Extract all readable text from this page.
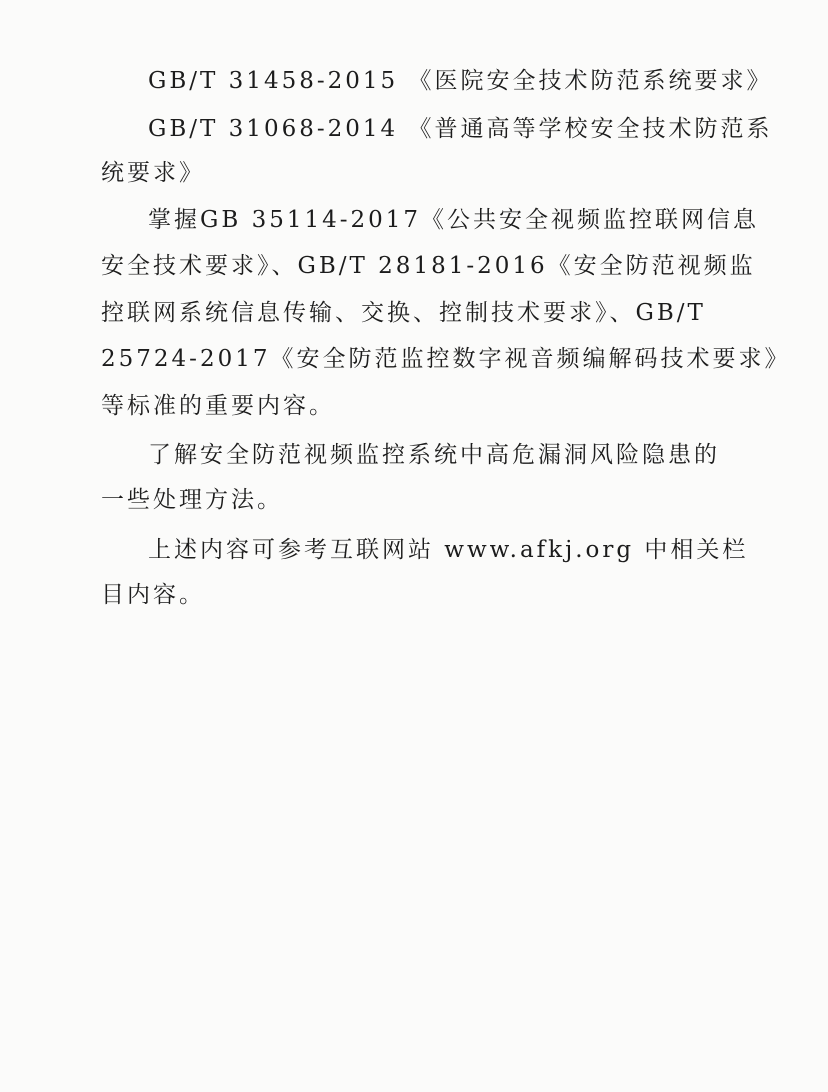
GB/T 31458-2015 《医院安全技术防范系统要求》
GB/T 31068-2014 《普通高等学校安全技术防范系
统要求》
掌握GB 35114-2017《公共安全视频监控联网信息
安全技术要求》、GB/T 28181-2016《安全防范视频监
控联网系统信息传输、交换、控制技术要求》、GB/T
25724-2017《安全防范监控数字视音频编解码技术要求》
等标准的重要内容。
了解安全防范视频监控系统中高危漏洞风险隐患的
一些处理方法。
上述内容可参考互联网站 www.afkj.org 中相关栏
目内容。
